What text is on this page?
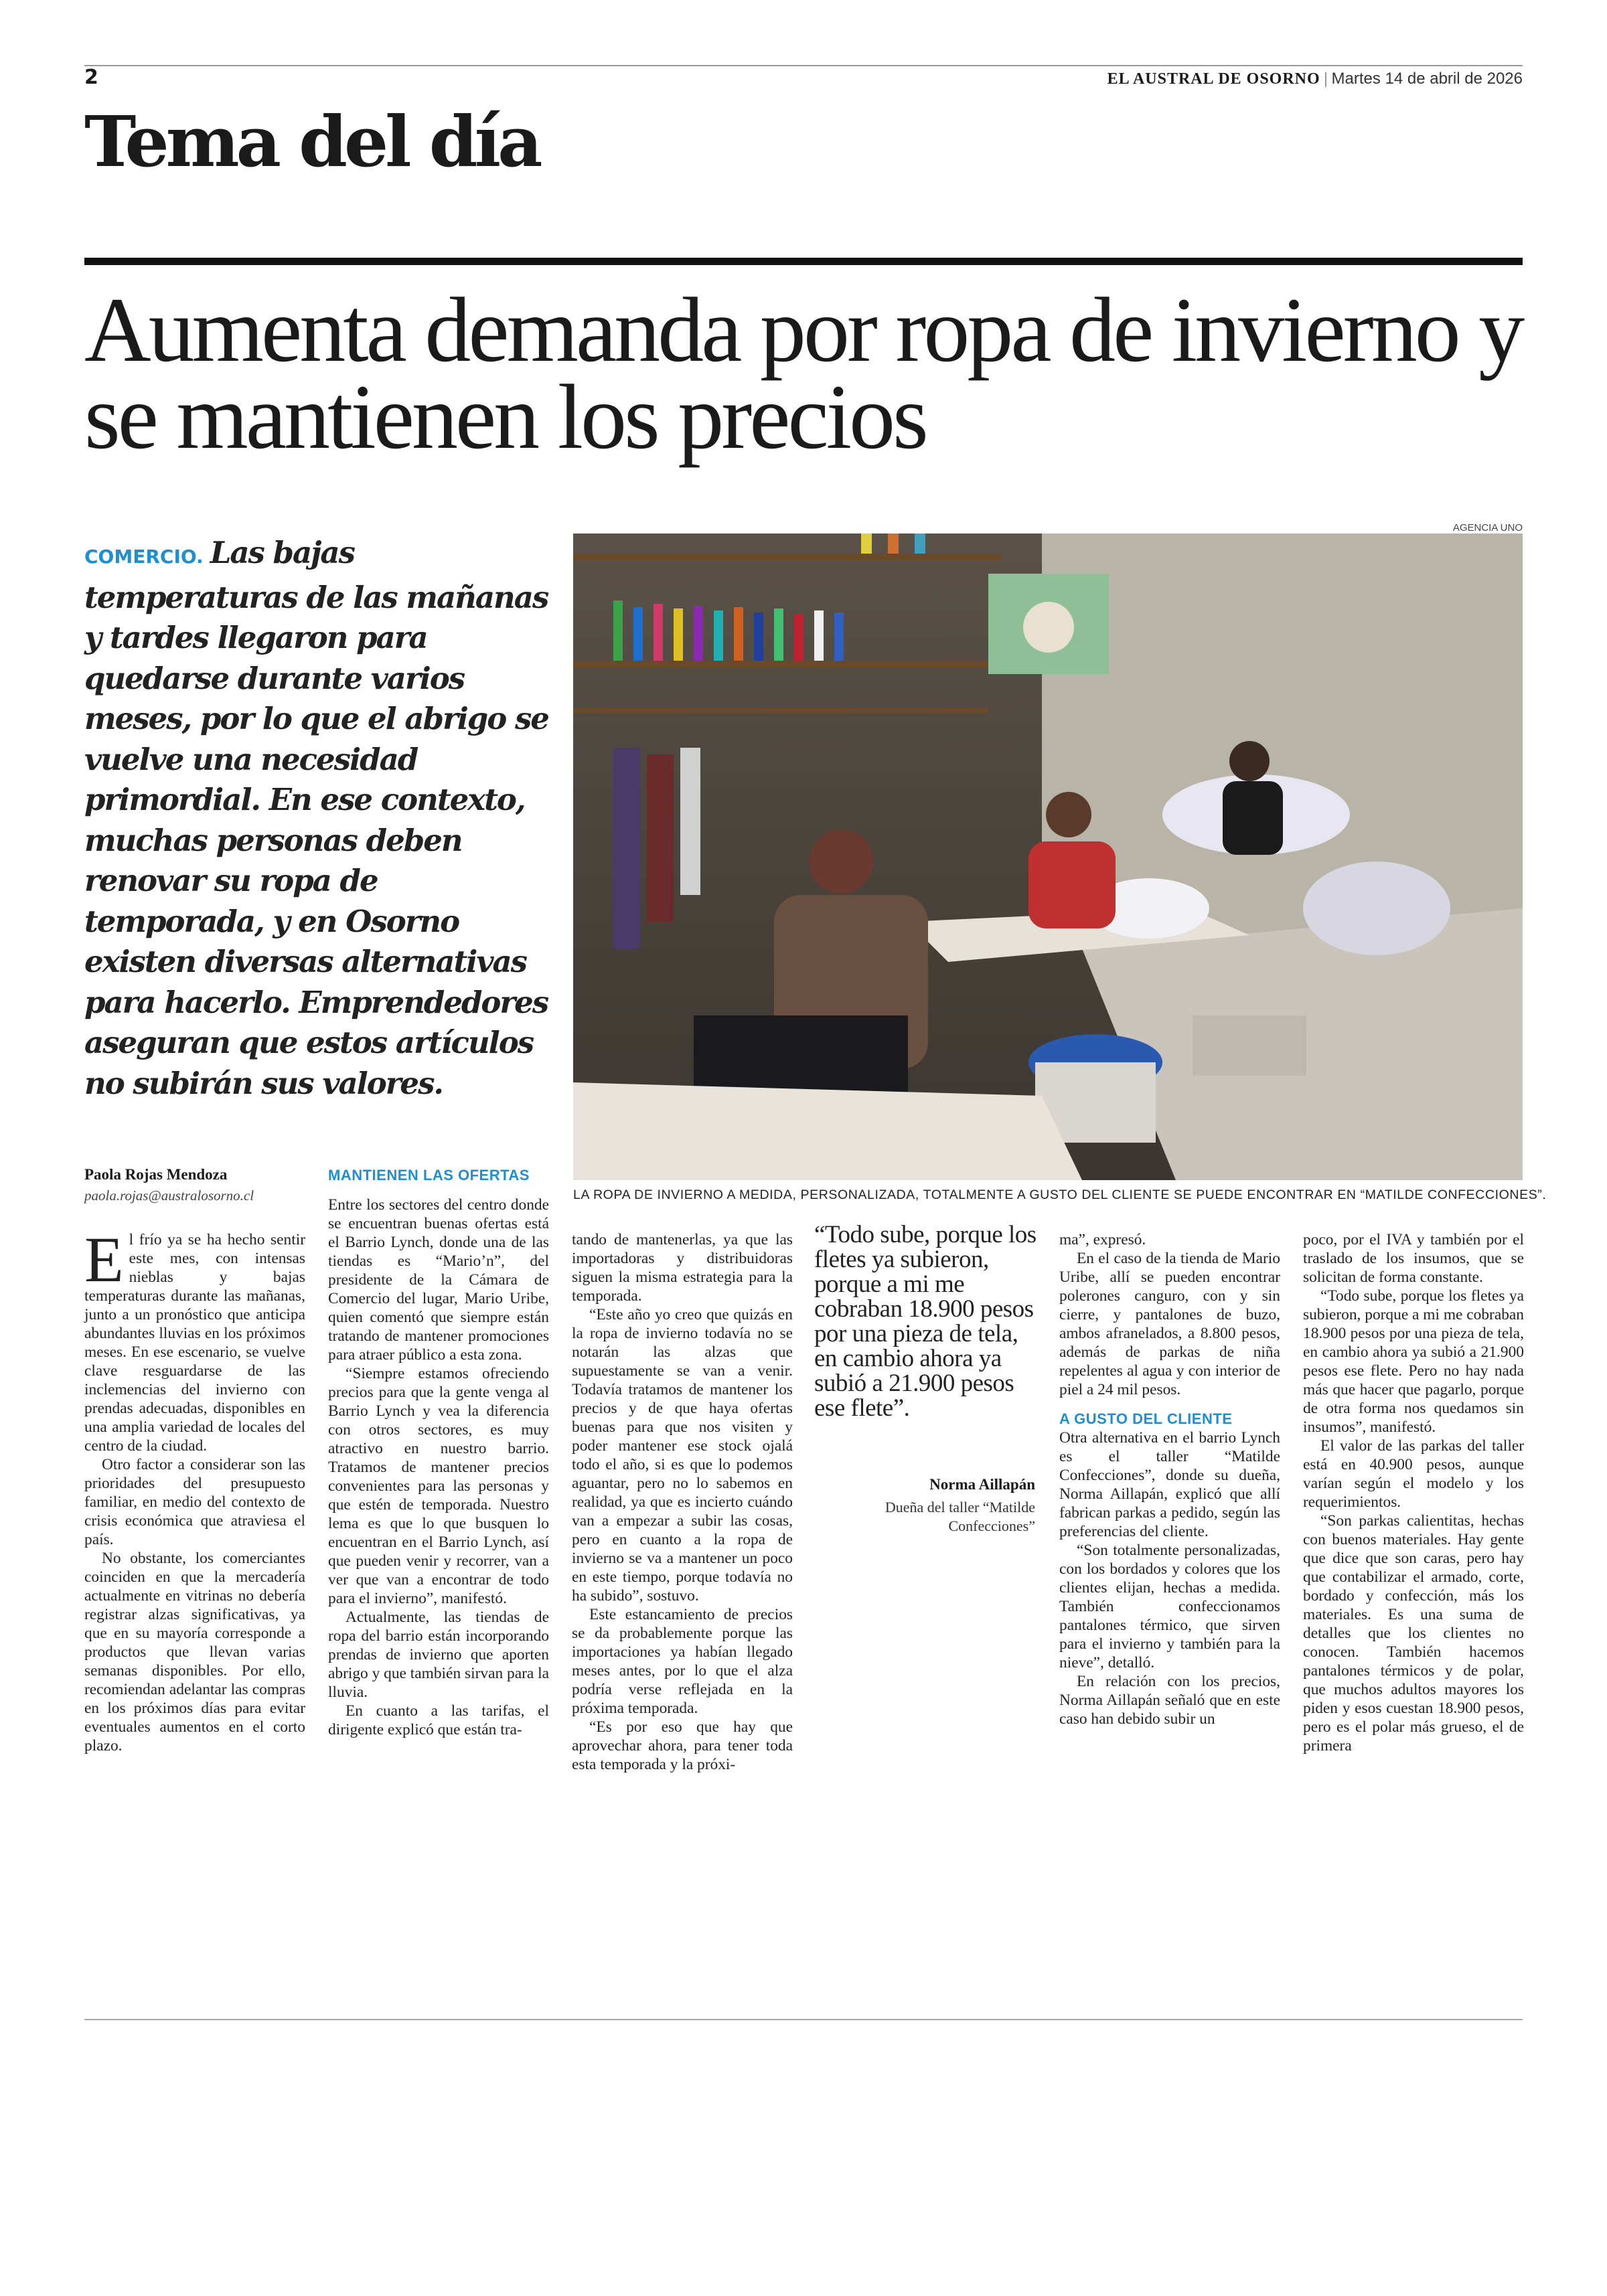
2	EL AUSTRAL DE OSORNO | Martes 14 de abril de 2026
Tema del día
Aumenta demanda por ropa de invierno y se mantienen los precios
COMERCIO. Las bajas temperaturas de las mañanas y tardes llegaron para quedarse durante varios meses, por lo que el abrigo se vuelve una necesidad primordial. En ese contexto, muchas personas deben renovar su ropa de temporada, y en Osorno existen diversas alternativas para hacerlo. Emprendedores aseguran que estos artículos no subirán sus valores.
AGENCIA UNO
LA ROPA DE INVIERNO A MEDIDA, PERSONALIZADA, TOTALMENTE A GUSTO DEL CLIENTE SE PUEDE ENCONTRAR EN “MATILDE CONFECCIONES”.
Paola Rojas Mendoza
paola.rojas@australosorno.cl

El frío ya se ha hecho sentir este mes, con intensas nieblas y bajas temperaturas durante las mañanas, junto a un pronóstico que anticipa abundantes lluvias en los próximos meses. En ese escenario, se vuelve clave resguardarse de las inclemencias del invierno con prendas adecuadas, disponibles en una amplia variedad de locales del centro de la ciudad.

Otro factor a considerar son las prioridades del presupuesto familiar, en medio del contexto de crisis económica que atraviesa el país.

No obstante, los comerciantes coinciden en que la mercadería actualmente en vitrinas no debería registrar alzas significativas, ya que en su mayoría corresponde a productos que llevan varias semanas disponibles. Por ello, recomiendan adelantar las compras en los próximos días para evitar eventuales aumentos en el corto plazo.

MANTIENEN LAS OFERTAS

Entre los sectores del centro donde se encuentran buenas ofertas está el Barrio Lynch, donde una de las tiendas es “Mario’n”, del presidente de la Cámara de Comercio del lugar, Mario Uribe, quien comentó que siempre están tratando de mantener promociones para atraer público a esta zona.

“Siempre estamos ofreciendo precios para que la gente venga al Barrio Lynch y vea la diferencia con otros sectores, es muy atractivo en nuestro barrio. Tratamos de mantener precios convenientes para las personas y que estén de temporada. Nuestro lema es que lo que busquen lo encuentran en el Barrio Lynch, así que pueden venir y recorrer, van a ver que van a encontrar de todo para el invierno”, manifestó.

Actualmente, las tiendas de ropa del barrio están incorporando prendas de invierno que aporten abrigo y que también sirvan para la lluvia.

En cuanto a las tarifas, el dirigente explicó que están tra-

tando de mantenerlas, ya que las importadoras y distribuidoras siguen la misma estrategia para la temporada.

“Este año yo creo que quizás en la ropa de invierno todavía no se notarán las alzas que supuestamente se van a venir. Todavía tratamos de mantener los precios y de que haya ofertas buenas para que nos visiten y poder mantener ese stock ojalá todo el año, si es que lo podemos aguantar, pero no lo sabemos en realidad, ya que es incierto cuándo van a empezar a subir las cosas, pero en cuanto a la ropa de invierno se va a mantener un poco en este tiempo, porque todavía no ha subido”, sostuvo.

Este estancamiento de precios se da probablemente porque las importaciones ya habían llegado meses antes, por lo que el alza podría verse reflejada en la próxima temporada.

“Es por eso que hay que aprovechar ahora, para tener toda esta temporada y la próxi-

“Todo sube, porque los fletes ya subieron, porque a mi me cobraban 18.900 pesos por una pieza de tela, en cambio ahora ya subió a 21.900 pesos ese flete”.
Norma Aillapán
Dueña del taller “Matilde Confecciones”

ma”, expresó.

En el caso de la tienda de Mario Uribe, allí se pueden encontrar polerones canguro, con y sin cierre, y pantalones de buzo, ambos afranelados, a 8.800 pesos, además de parkas de niña repelentes al agua y con interior de piel a 24 mil pesos.

A GUSTO DEL CLIENTE

Otra alternativa en el barrio Lynch es el taller “Matilde Confecciones”, donde su dueña, Norma Aillapán, explicó que allí fabrican parkas a pedido, según las preferencias del cliente.

“Son totalmente personalizadas, con los bordados y colores que los clientes elijan, hechas a medida. También confeccionamos pantalones térmico, que sirven para el invierno y también para la nieve”, detalló.

En relación con los precios, Norma Aillapán señaló que en este caso han debido subir un

poco, por el IVA y también por el traslado de los insumos, que se solicitan de forma constante.

“Todo sube, porque los fletes ya subieron, porque a mi me cobraban 18.900 pesos por una pieza de tela, en cambio ahora ya subió a 21.900 pesos ese flete. Pero no hay nada más que hacer que pagarlo, porque de otra forma nos quedamos sin insumos”, manifestó.

El valor de las parkas del taller está en 40.900 pesos, aunque varían según el modelo y los requerimientos.

“Son parkas calientitas, hechas con buenos materiales. Hay gente que dice que son caras, pero hay que contabilizar el armado, corte, bordado y confección, más los materiales. Es una suma de detalles que los clientes no conocen. También hacemos pantalones térmicos y de polar, que muchos adultos mayores los piden y esos cuestan 18.900 pesos, pero es el polar más grueso, el de primera
